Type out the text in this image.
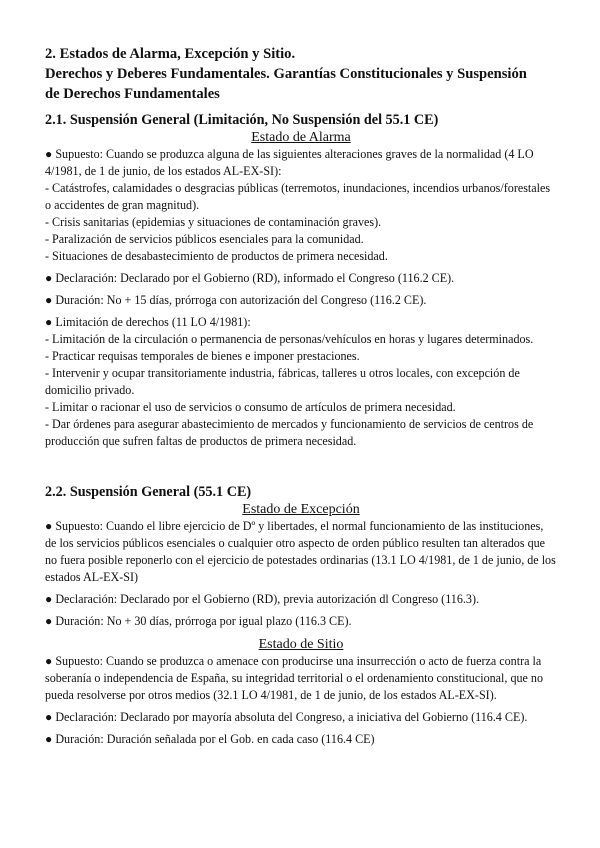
2. Estados de Alarma, Excepción y Sitio.

Derechos y Deberes Fundamentales. Garantías Constitucionales y Suspensión

de Derechos Fundamentales

2.1. Suspensión General (Limitación, No Suspensión del 55.1 CE)

Estado de Alarma

● Supuesto: Cuando se produzca alguna de las siguientes alteraciones graves de la normalidad (4 LO 4/1981, de 1 de junio, de los estados AL-EX-SI):

- Catástrofes, calamidades o desgracias públicas (terremotos, inundaciones, incendios urbanos/forestales o accidentes de gran magnitud).

- Crisis sanitarias (epidemias y situaciones de contaminación graves).

- Paralización de servicios públicos esenciales para la comunidad.

- Situaciones de desabastecimiento de productos de primera necesidad.

● Declaración: Declarado por el Gobierno (RD), informado el Congreso (116.2 CE).

● Duración: No + 15 días, prórroga con autorización del Congreso (116.2 CE).

● Limitación de derechos (11 LO 4/1981):

- Limitación de la circulación o permanencia de personas/vehículos en horas y lugares determinados.

- Practicar requisas temporales de bienes e imponer prestaciones.

- Intervenir y ocupar transitoriamente industria, fábricas, talleres u otros locales, con excepción de domicilio privado.

- Limitar o racionar el uso de servicios o consumo de artículos de primera necesidad.

- Dar órdenes para asegurar abastecimiento de mercados y funcionamiento de servicios de centros de producción que sufren faltas de productos de primera necesidad.

2.2. Suspensión General (55.1 CE)

Estado de Excepción

● Supuesto: Cuando el libre ejercicio de Dº y libertades, el normal funcionamiento de las instituciones, de los servicios públicos esenciales o cualquier otro aspecto de orden público resulten tan alterados que no fuera posible reponerlo con el ejercicio de potestades ordinarias (13.1 LO 4/1981, de 1 de junio, de los estados AL-EX-SI)

● Declaración: Declarado por el Gobierno (RD), previa autorización dl Congreso (116.3).

● Duración: No + 30 días, prórroga por igual plazo (116.3 CE).

Estado de Sitio

● Supuesto: Cuando se produzca o amenace con producirse una insurrección o acto de fuerza contra la soberanía o independencia de España, su integridad territorial o el ordenamiento constitucional, que no pueda resolverse por otros medios (32.1 LO 4/1981, de 1 de junio, de los estados AL-EX-SI).

● Declaración: Declarado por mayoría absoluta del Congreso, a iniciativa del Gobierno (116.4 CE).

● Duración: Duración señalada por el Gob. en cada caso (116.4 CE)
